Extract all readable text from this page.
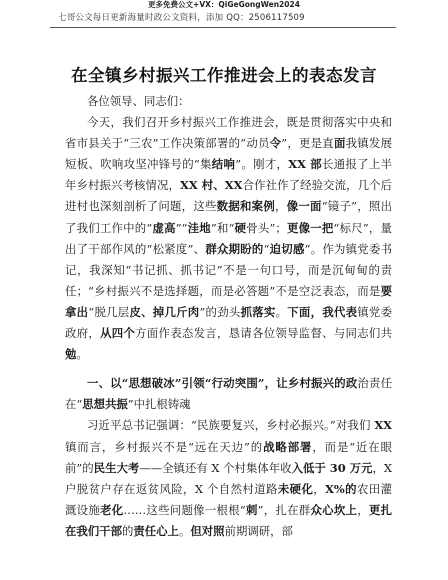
更多免费公文+VX：QiGeGongWen2024
七哥公文每日更新海量时政公文资料，添加 QQ：2506117509
在全镇乡村振兴工作推进会上的表态发言

各位领导、同志们：

今天，我们召开乡村振兴工作推进会，既是贯彻落实中央和省市县关于“三农”工作决策部署的“动员令”，更是直面我镇发展短板、吹响攻坚冲锋号的“集结响”。刚才，XX 部长通报了上半年乡村振兴考核情况，XX 村、XX合作社作了经验交流，几个后进村也深刻剖析了问题，这些数据和案例，像一面“镜子”，照出了我们工作中的“虚高”“洼地”和“硬骨头”；更像一把“标尺”，量出了干部作风的“松紧度”、群众期盼的“迫切感”。作为镇党委书记，我深知“书记抓、抓书记”不是一句口号，而是沉甸甸的责任；“乡村振兴不是选择题，而是必答题”不是空泛表态，而是要拿出“脱几层皮、掉几斤肉”的劲头抓落实。下面，我代表镇党委政府，从四个方面作表态发言，恳请各位领导监督、与同志们共勉。

一、以“思想破冰”引领“行动突围”，让乡村振兴的政治责任在“思想共振”中扎根铸魂

习近平总书记强调：“民族要复兴，乡村必振兴。”对我们 XX 镇而言，乡村振兴不是“远在天边”的战略部署，而是“近在眼前”的民生大考——全镇还有 X 个村集体年收入低于 30 万元，X 户脱贫户存在返贫风险，X 个自然村道路未硬化，X%的农田灌溉设施老化……这些问题像一根根“刺”，扎在群众心坎上，更扎在我们干部的责任心上。但对照前期调研，部
